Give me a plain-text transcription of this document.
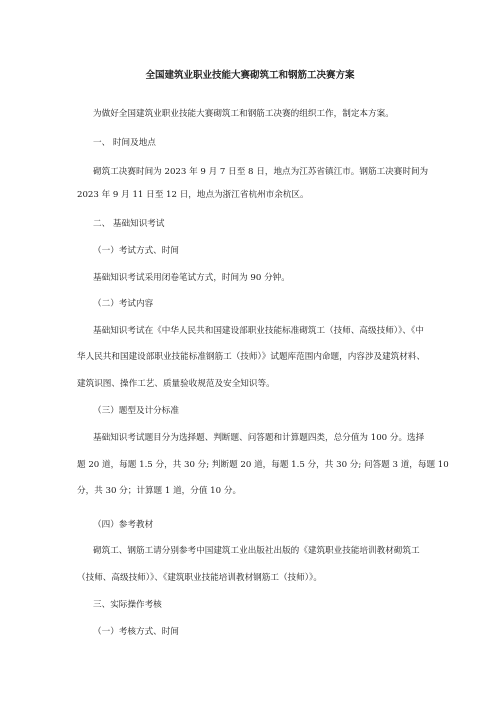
全国建筑业职业技能大赛砌筑工和钢筋工决赛方案
为做好全国建筑业职业技能大赛砌筑工和钢筋工决赛的组织工作，制定本方案。
一、 时间及地点
砌筑工决赛时间为 2023 年 9 月 7 日至 8 日，地点为江苏省镇江市。钢筋工决赛时间为
2023 年 9 月 11 日至 12 日，地点为浙江省杭州市余杭区。
二、 基础知识考试
（一）考试方式、时间
基础知识考试采用闭卷笔试方式，时间为 90 分钟。
（二）考试内容
基础知识考试在《中华人民共和国建设部职业技能标准砌筑工（技师、高级技师）》、《中
华人民共和国建设部职业技能标准钢筋工（技师）》试题库范围内命题，内容涉及建筑材料、
建筑识图、操作工艺、质量验收规范及安全知识等。
（三）题型及计分标准
基础知识考试题目分为选择题、判断题、问答题和计算题四类，总分值为 100 分。选择
题 20 道，每题 1.5 分，共 30 分; 判断题 20 道，每题 1.5 分，共 30 分; 问答题 3 道，每题 10
分，共 30 分；计算题 1 道，分值 10 分。
（四）参考教材
砌筑工、钢筋工请分别参考中国建筑工业出版社出版的《建筑职业技能培训教材砌筑工
（技师、高级技师）》、《建筑职业技能培训教材钢筋工（技师）》。
三、实际操作考核
（一）考核方式、时间
